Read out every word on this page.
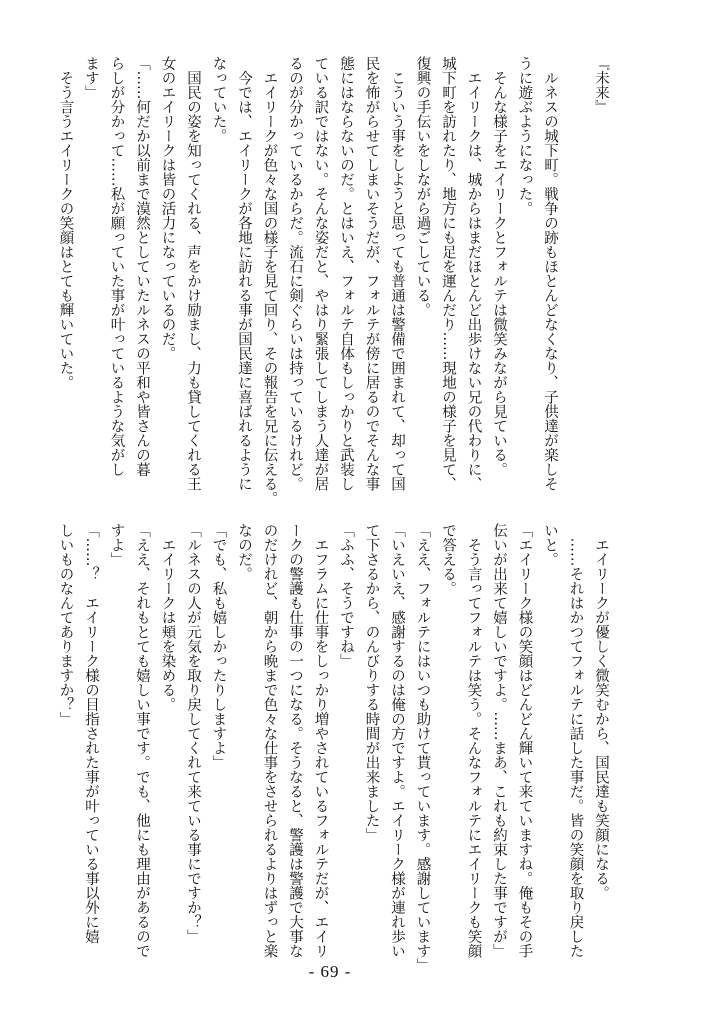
『未来』
　ルネスの城下町。戦争の跡もほとんどなくなり、子供達が楽しそ
うに遊ぶようになった。
　そんな様子をエイリークとフォルテは微笑みながら見ている。
　エイリークは、城からはまだほとんど出歩けない兄の代わりに、
城下町を訪れたり、地方にも足を運んだり……現地の様子を見て、
復興の手伝いをしながら過ごしている。
　こういう事をしようと思っても普通は警備で囲まれて、却って国
民を怖がらせてしまいそうだが、フォルテが傍に居るのでそんな事
態にはならないのだ。とはいえ、フォルテ自体もしっかりと武装し
ている訳ではない。そんな姿だと、やはり緊張してしまう人達が居
るのが分かっているからだ。流石に剣ぐらいは持っているけれど。
　エイリークが色々な国の様子を見て回り、その報告を兄に伝える。
　今では、エイリークが各地に訪れる事が国民達に喜ばれるように
なっていた。
　国民の姿を知ってくれる、声をかけ励まし、力も貸してくれる王
女のエイリークは皆の活力になっているのだ。
「……何だか以前まで漠然としていたルネスの平和や皆さんの暮
らしが分かって……私が願っていた事が叶っているような気がし
ます」
　そう言うエイリークの笑顔はとても輝いていた。
　エイリークが優しく微笑むから、国民達も笑顔になる。
　……それはかつてフォルテに話した事だ。皆の笑顔を取り戻した
いと。
「エイリーク様の笑顔はどんどん輝いて来ていますね。俺もその手
伝いが出来て嬉しいですよ。……まあ、これも約束した事ですが」
　そう言ってフォルテは笑う。そんなフォルテにエイリークも笑顔
で答える。
「ええ、フォルテにはいつも助けて貰っています。感謝しています」
「いえいえ、感謝するのは俺の方ですよ。エイリーク様が連れ歩い
て下さるから、のんびりする時間が出来ました」
「ふふ、そうですね」
　エフラムに仕事をしっかり増やされているフォルテだが、エイリ
ークの警護も仕事の一つになる。そうなると、警護は警護で大事な
のだけれど、朝から晩まで色々な仕事をさせられるよりはずっと楽
なのだ。
「でも、私も嬉しかったりしますよ」
「ルネスの人が元気を取り戻してくれて来ている事にですか？」
　エイリークは頬を染める。
「ええ、それもとても嬉しい事です。でも、他にも理由があるので
すよ」
「……？　エイリーク様の目指された事が叶っている事以外に嬉
しいものなんてありますか？」
- 69 -
